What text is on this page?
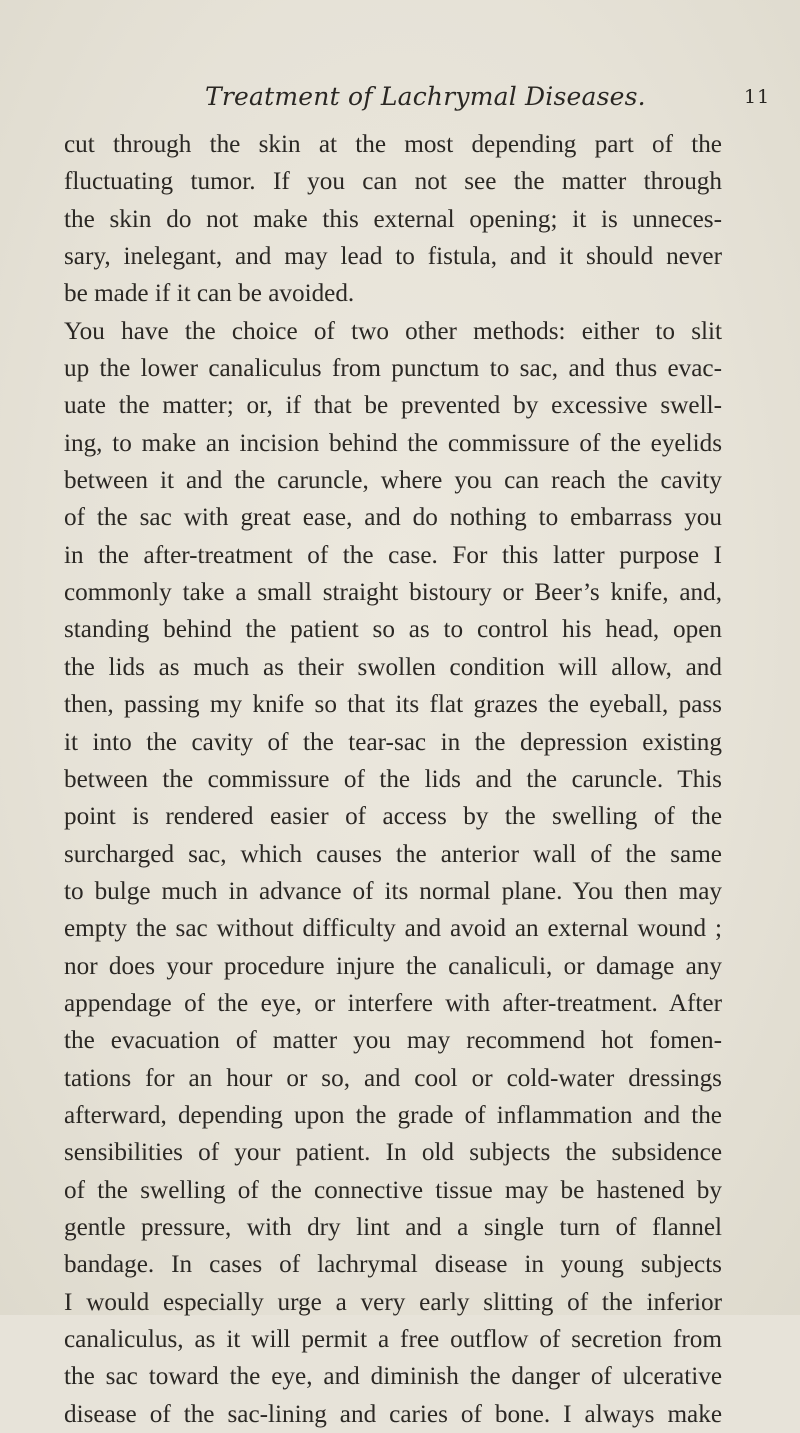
Treatment of Lachrymal Diseases.	11
cut through the skin at the most depending part of the
fluctuating tumor. If you can not see the matter through
the skin do not make this external opening; it is unneces-
sary, inelegant, and may lead to fistula, and it should never
be made if it can be avoided.
You have the choice of two other methods: either to slit
up the lower canaliculus from punctum to sac, and thus evac-
uate the matter; or, if that be prevented by excessive swell-
ing, to make an incision behind the commissure of the eyelids
between it and the caruncle, where you can reach the cavity
of the sac with great ease, and do nothing to embarrass you
in the after-treatment of the case. For this latter purpose I
commonly take a small straight bistoury or Beer’s knife, and,
standing behind the patient so as to control his head, open
the lids as much as their swollen condition will allow, and
then, passing my knife so that its flat grazes the eyeball, pass
it into the cavity of the tear-sac in the depression existing
between the commissure of the lids and the caruncle. This
point is rendered easier of access by the swelling of the
surcharged sac, which causes the anterior wall of the same
to bulge much in advance of its normal plane. You then may
empty the sac without difficulty and avoid an external wound ;
nor does your procedure injure the canaliculi, or damage any
appendage of the eye, or interfere with after-treatment. After
the evacuation of matter you may recommend hot fomen-
tations for an hour or so, and cool or cold-water dressings
afterward, depending upon the grade of inflammation and the
sensibilities of your patient. In old subjects the subsidence
of the swelling of the connective tissue may be hastened by
gentle pressure, with dry lint and a single turn of flannel
bandage. In cases of lachrymal disease in young subjects
I would especially urge a very early slitting of the inferior
canaliculus, as it will permit a free outflow of secretion from
the sac toward the eye, and diminish the danger of ulcerative
disease of the sac-lining and caries of bone. I always make
